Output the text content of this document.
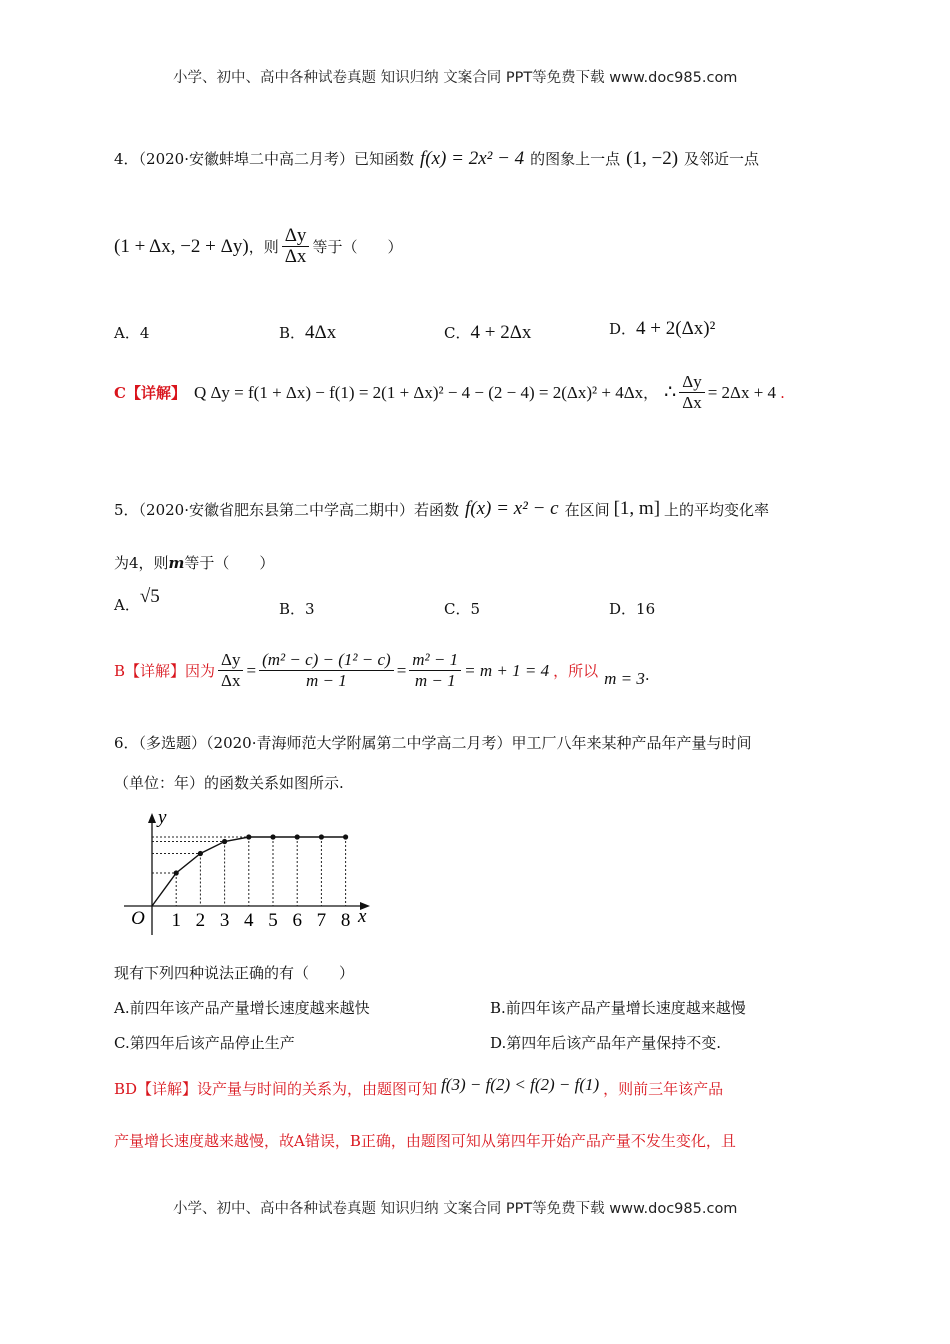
小学、初中、高中各种试卷真题 知识归纳 文案合同 PPT等免费下载 www.doc985.com
4．（2020·安徽蚌埠二中高二月考）已知函数 f(x) = 2x² − 4 的图象上一点 (1, −2) 及邻近一点
(1 + Δx, −2 + Δy) ，则 $\frac{\Delta y}{\Delta x}$ 等于（　　）
A．4	B．4Δx	C．4 + 2Δx	D．4 + 2(Δx)²
C【详解】 Q Δy = f(1 + Δx) − f(1) = 2(1 + Δx)² − 4 − (2 − 4) = 2(Δx)² + 4Δx ， ∴ $\frac{\Delta y}{\Delta x} = 2\Delta x + 4$ .
5．（2020·安徽省肥东县第二中学高二期中）若函数 f(x) = x² − c 在区间 [1, m] 上的平均变化率
为4，则m等于（　　）
A．√5
B．3	C．5	D．16
B【详解】因为 $\frac{\Delta y}{\Delta x} = \frac{\text{(m² − c) − (1² − c)}}{m - 1} = \frac{\text{m² − 1}}{m - 1} = m + 1 = 4$ ，所以 m = 3 .
6．（多选题）（2020·青海师范大学附属第二中学高二月考）甲工厂八年来某种产品年产量与时间
（单位：年）的函数关系如图所示.
1 2 3 4 5 6 7 8
O	x
y
现有下列四种说法正确的有（　　）
A.前四年该产品产量增长速度越来越快	B.前四年该产品产量增长速度越来越慢
C.第四年后该产品停止生产	D.第四年后该产品年产量保持不变.
BD【详解】设产量与时间的关系为，由题图可知 f(3) − f(2) < f(2) − f(1) ，则前三年该产品
产量增长速度越来越慢，故A错误，B正确，由题图可知从第四年开始产品产量不发生变化，且
小学、初中、高中各种试卷真题 知识归纳 文案合同 PPT等免费下载 www.doc985.com
